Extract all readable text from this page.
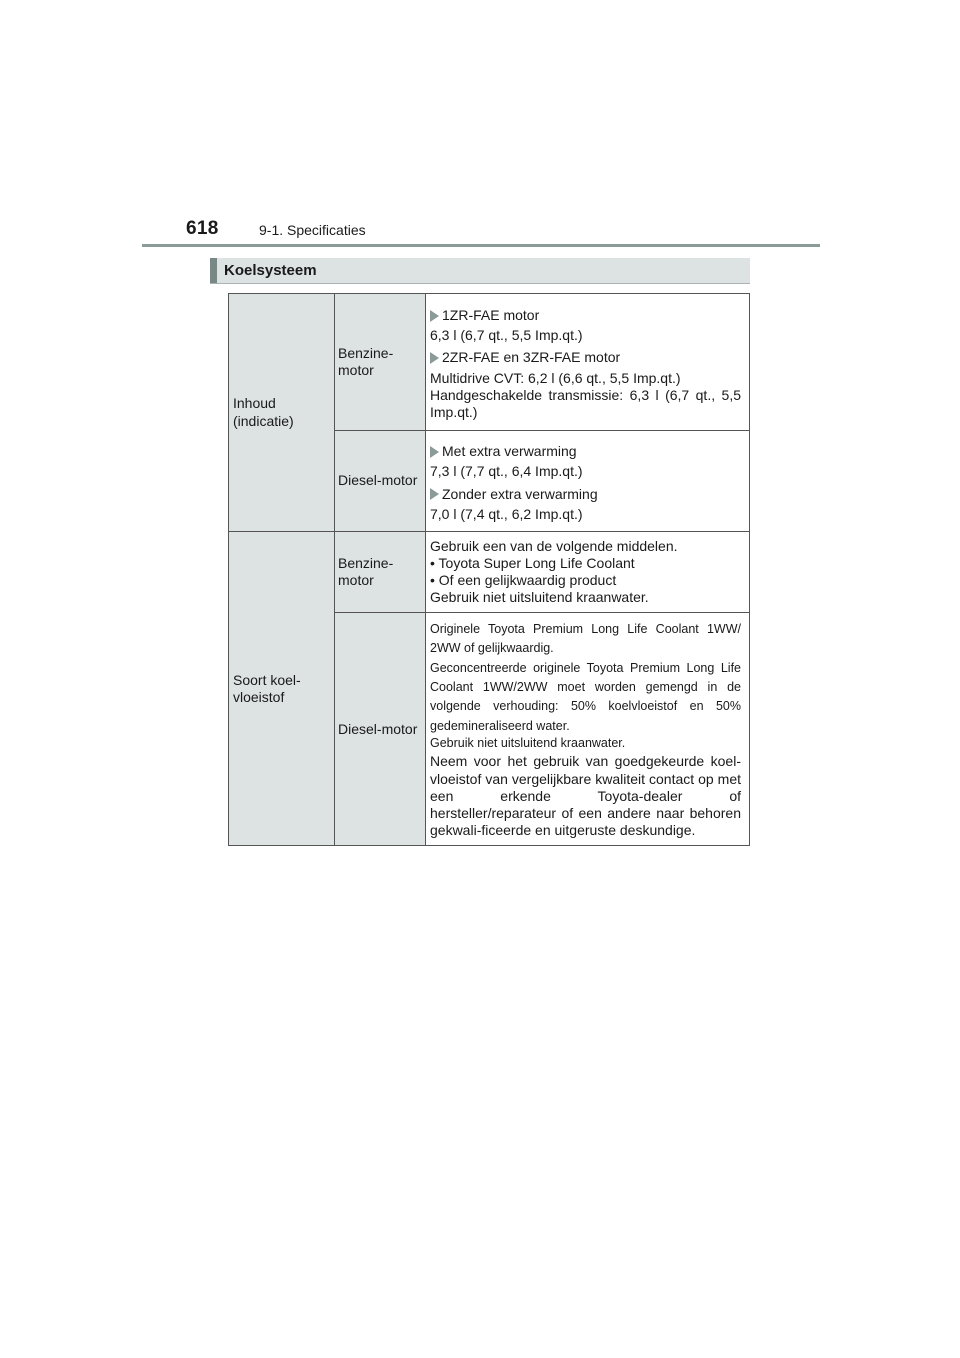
618	9-1. Specificaties
Koelsysteem
Inhoud (indicatie)	Benzine-motor	1ZR-FAE motor

6,3 l (6,7 qt., 5,5 Imp.qt.)

2ZR-FAE en 3ZR-FAE motor

Multidrive CVT: 6,2 l (6,6 qt., 5,5 Imp.qt.)

Handgeschakelde transmissie: 6,3 l (6,7 qt., 5,5 Imp.qt.)

	Diesel-motor	Met extra verwarming

7,3 l (7,7 qt., 6,4 Imp.qt.)

Zonder extra verwarming

7,0 l (7,4 qt., 6,2 Imp.qt.)

Soort koel-vloeistof	Benzine-motor	Gebruik een van de volgende middelen.

• Toyota Super Long Life Coolant

• Of een gelijkwaardig product

Gebruik niet uitsluitend kraanwater.

	Diesel-motor	Originele Toyota Premium Long Life Coolant 1WW/ 2WW of gelijkwaardig.

Geconcentreerde originele Toyota Premium Long Life Coolant 1WW/2WW moet worden gemengd in de volgende verhouding: 50% koelvloeistof en 50% gedemineraliseerd water.

Gebruik niet uitsluitend kraanwater.

Neem voor het gebruik van goedgekeurde koel-vloeistof van vergelijkbare kwaliteit contact op met een erkende Toyota-dealer of hersteller/reparateur of een andere naar behoren gekwali-ficeerde en uitgeruste deskundige.
